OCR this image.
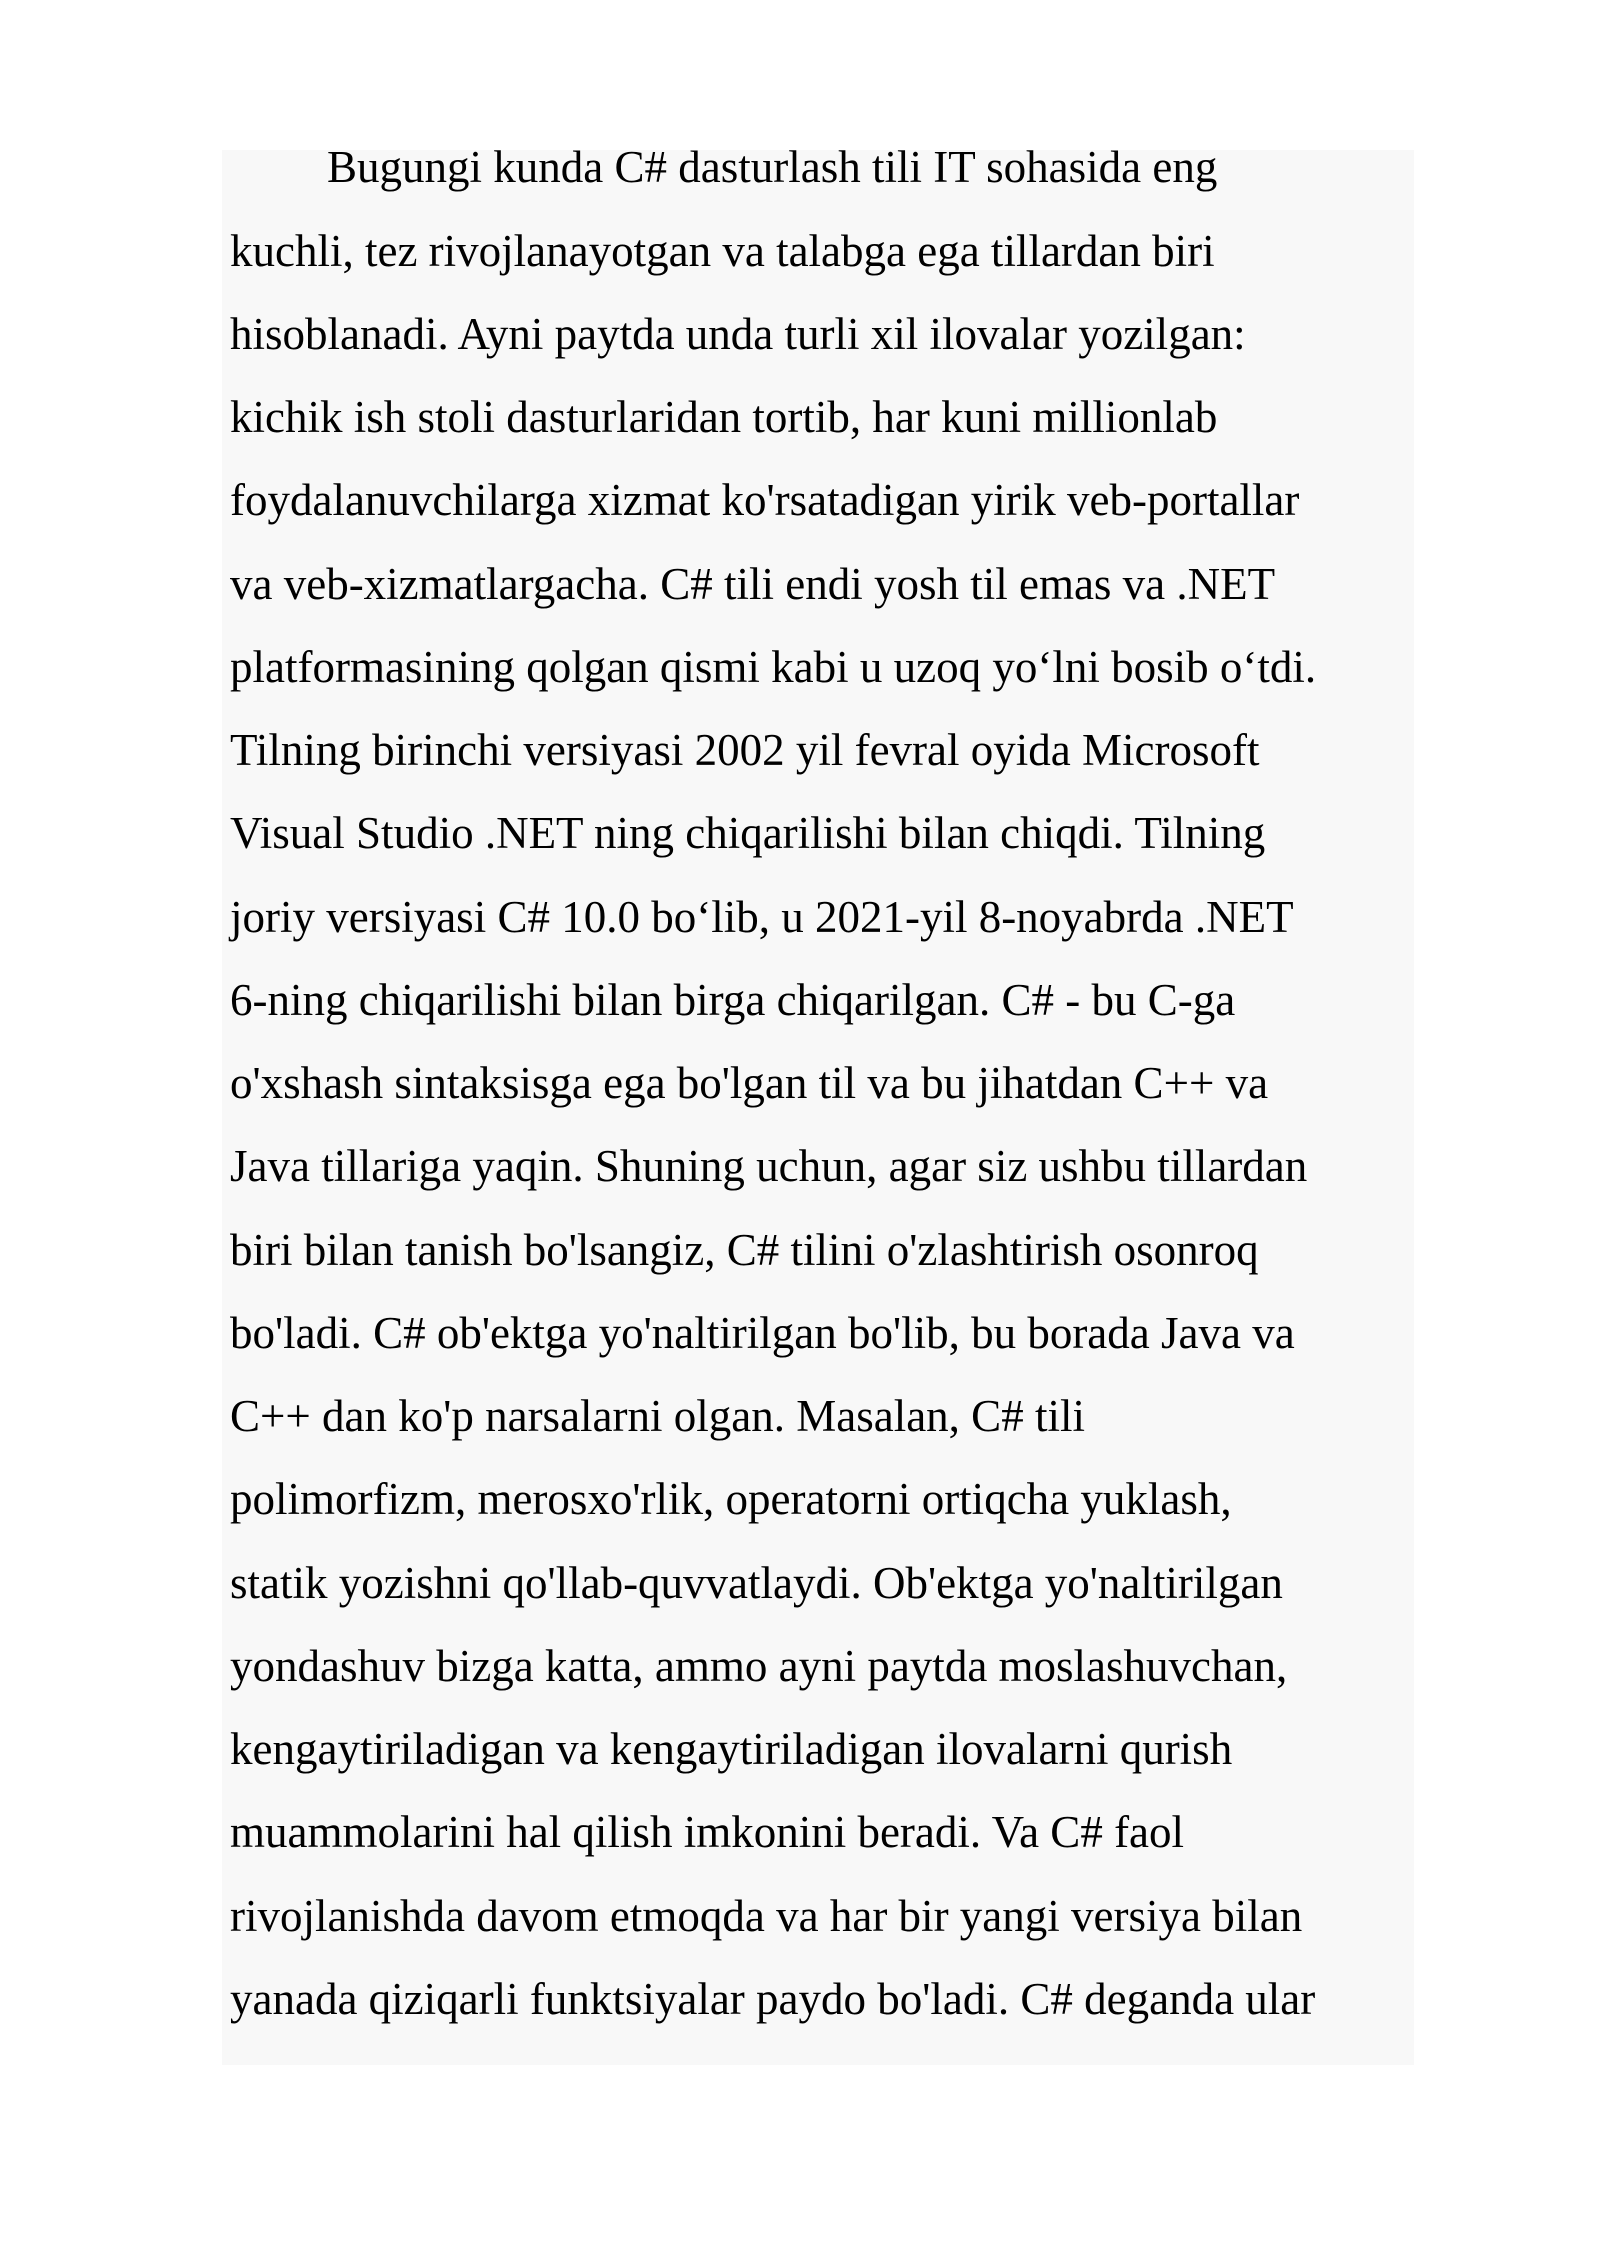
Bugungi kunda C# dasturlash tili IT sohasida eng

kuchli, tez rivojlanayotgan va talabga ega tillardan biri

hisoblanadi. Ayni paytda unda turli xil ilovalar yozilgan:

kichik ish stoli dasturlaridan tortib, har kuni millionlab

foydalanuvchilarga xizmat ko'rsatadigan yirik veb-portallar

va veb-xizmatlargacha. C# tili endi yosh til emas va .NET

platformasining qolgan qismi kabi u uzoq yo‘lni bosib o‘tdi.

Tilning birinchi versiyasi 2002 yil fevral oyida Microsoft

Visual Studio .NET ning chiqarilishi bilan chiqdi. Tilning

joriy versiyasi C# 10.0 bo‘lib, u 2021-yil 8-noyabrda .NET

6-ning chiqarilishi bilan birga chiqarilgan. C# - bu C-ga

o'xshash sintaksisga ega bo'lgan til va bu jihatdan C++ va

Java tillariga yaqin. Shuning uchun, agar siz ushbu tillardan

biri bilan tanish bo'lsangiz, C# tilini o'zlashtirish osonroq

bo'ladi. C# ob'ektga yo'naltirilgan bo'lib, bu borada Java va

C++ dan ko'p narsalarni olgan. Masalan, C# tili

polimorfizm, merosxo'rlik, operatorni ortiqcha yuklash,

statik yozishni qo'llab-quvvatlaydi. Ob'ektga yo'naltirilgan

yondashuv bizga katta, ammo ayni paytda moslashuvchan,

kengaytiriladigan va kengaytiriladigan ilovalarni qurish

muammolarini hal qilish imkonini beradi. Va C# faol

rivojlanishda davom etmoqda va har bir yangi versiya bilan

yanada qiziqarli funktsiyalar paydo bo'ladi. C# deganda ular
